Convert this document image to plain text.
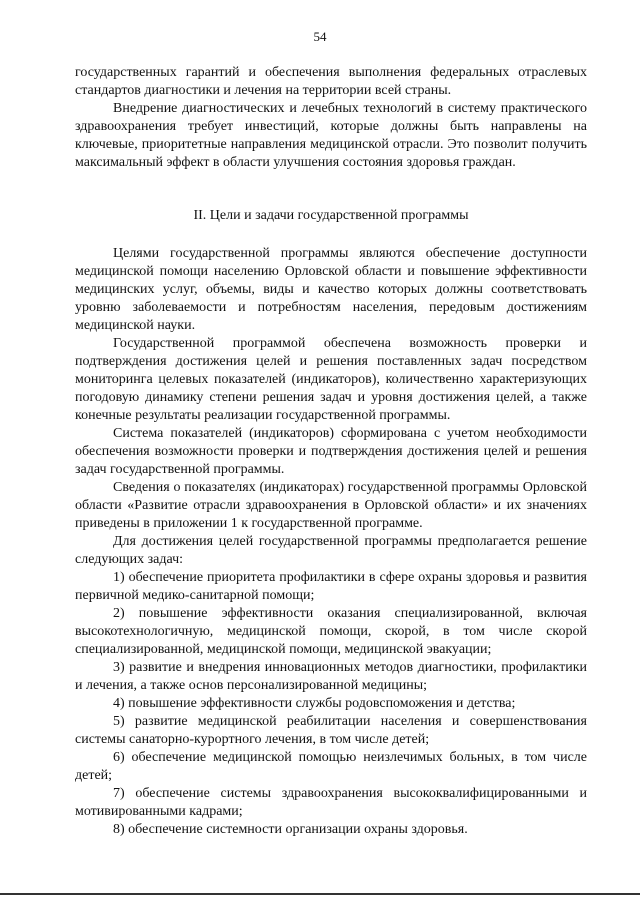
54

государственных гарантий и обеспечения выполнения федеральных отраслевых стандартов диагностики и лечения на территории всей страны.

Внедрение диагностических и лечебных технологий в систему практического здравоохранения требует инвестиций, которые должны быть направлены на ключевые, приоритетные направления медицинской отрасли. Это позволит получить максимальный эффект в области улучшения состояния здоровья граждан.

II. Цели и задачи государственной программы

Целями государственной программы являются обеспечение доступности медицинской помощи населению Орловской области и повышение эффективности медицинских услуг, объемы, виды и качество которых должны соответствовать уровню заболеваемости и потребностям населения, передовым достижениям медицинской науки.

Государственной программой обеспечена возможность проверки и подтверждения достижения целей и решения поставленных задач посредством мониторинга целевых показателей (индикаторов), количественно характеризующих погодовую динамику степени решения задач и уровня достижения целей, а также конечные результаты реализации государственной программы.

Система показателей (индикаторов) сформирована с учетом необходимости обеспечения возможности проверки и подтверждения достижения целей и решения задач государственной программы.

Сведения о показателях (индикаторах) государственной программы Орловской области «Развитие отрасли здравоохранения в Орловской области» и их значениях приведены в приложении 1 к государственной программе.

Для достижения целей государственной программы предполагается решение следующих задач:

1) обеспечение приоритета профилактики в сфере охраны здоровья и развития первичной медико-санитарной помощи;

2) повышение эффективности оказания специализированной, включая высокотехнологичную, медицинской помощи, скорой, в том числе скорой специализированной, медицинской помощи, медицинской эвакуации;

3) развитие и внедрения инновационных методов диагностики, профилактики и лечения, а также основ персонализированной медицины;

4) повышение эффективности службы родовспоможения и детства;

5) развитие медицинской реабилитации населения и совершенствования системы санаторно-курортного лечения, в том числе детей;

6) обеспечение медицинской помощью неизлечимых больных, в том числе детей;

7) обеспечение системы здравоохранения высококвалифицированными и мотивированными кадрами;

8) обеспечение системности организации охраны здоровья.
